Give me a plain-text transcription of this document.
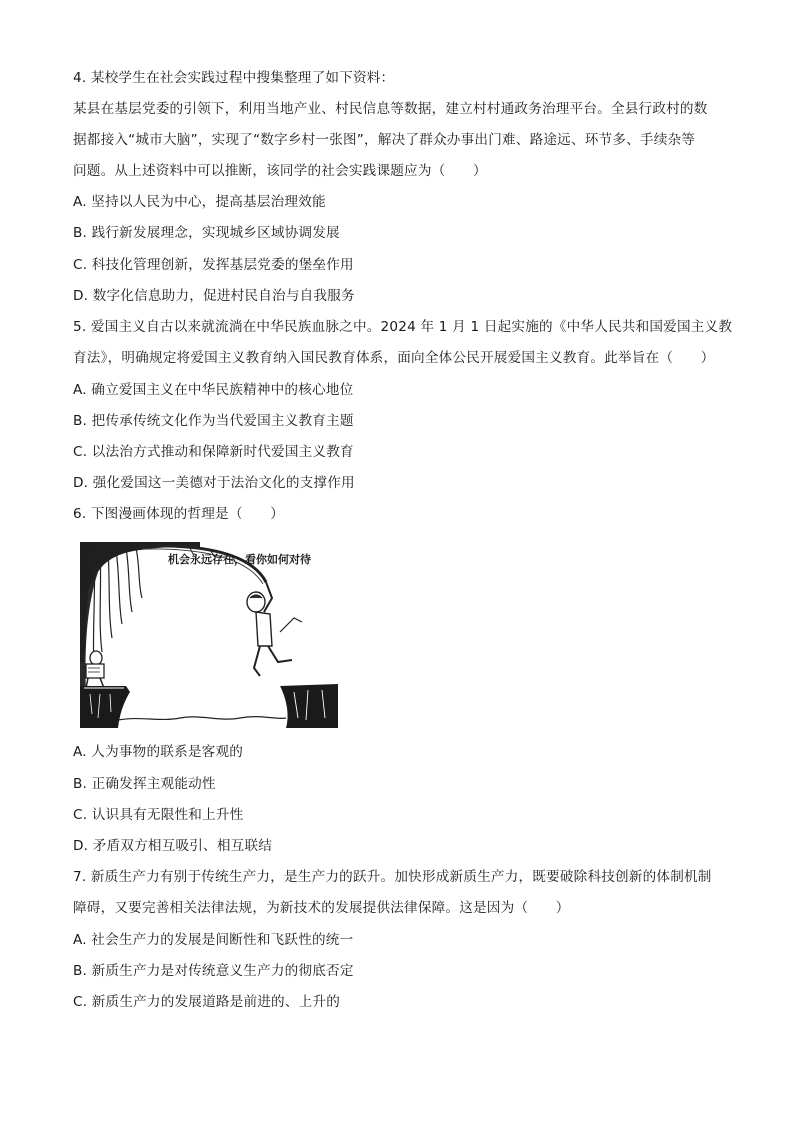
4. 某校学生在社会实践过程中搜集整理了如下资料：
某县在基层党委的引领下，利用当地产业、村民信息等数据，建立村村通政务治理平台。全县行政村的数
据都接入“城市大脑”，实现了“数字乡村一张图”，解决了群众办事出门难、路途远、环节多、手续杂等
问题。从上述资料中可以推断，该同学的社会实践课题应为（　　）
A. 坚持以人民为中心，提高基层治理效能
B. 践行新发展理念，实现城乡区域协调发展
C. 科技化管理创新，发挥基层党委的堡垒作用
D. 数字化信息助力，促进村民自治与自我服务
5. 爱国主义自古以来就流淌在中华民族血脉之中。2024 年 1 月 1 日起实施的《中华人民共和国爱国主义教
育法》，明确规定将爱国主义教育纳入国民教育体系，面向全体公民开展爱国主义教育。此举旨在（　　）
A. 确立爱国主义在中华民族精神中的核心地位
B. 把传承传统文化作为当代爱国主义教育主题
C. 以法治方式推动和保障新时代爱国主义教育
D. 强化爱国这一美德对于法治文化的支撑作用
6. 下图漫画体现的哲理是（　　）
机会永远存在，看你如何对待
A. 人为事物的联系是客观的
B. 正确发挥主观能动性
C. 认识具有无限性和上升性
D. 矛盾双方相互吸引、相互联结
7. 新质生产力有别于传统生产力，是生产力的跃升。加快形成新质生产力，既要破除科技创新的体制机制
障碍，又要完善相关法律法规，为新技术的发展提供法律保障。这是因为（　　）
A. 社会生产力的发展是间断性和飞跃性的统一
B. 新质生产力是对传统意义生产力的彻底否定
C. 新质生产力的发展道路是前进的、上升的
